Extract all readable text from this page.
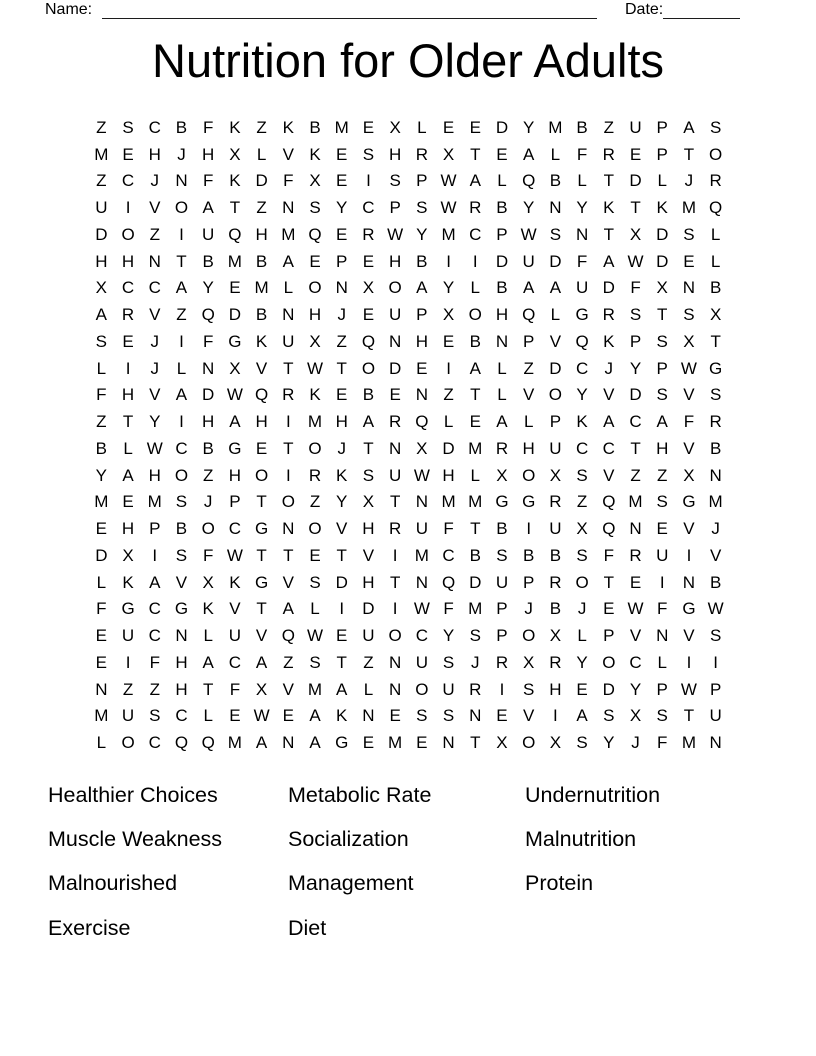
Name:	Date:
Nutrition for Older Adults
Z S C B F K Z K B M E X L E E D Y M B Z U P A S
M E H J H X L V K E S H R X T E A L F R E P T O
Z C J N F K D F X E	I	S P W A L Q B L T D L	J R
U	I	V O A T Z N S Y C P S W R B Y N Y K T K M Q
D O Z	I	U Q H M Q E R W Y M C P W S N T X D S L
H H N T B M B A E P E H B	I	I	D U D F A W D E L
X C C A Y E M L O N X O A Y L B A A U D F X N B
A R V Z Q D B N H J E U P X O H Q L G R S T S X
S E J	I	F G K U X Z Q N H E B N P V Q K P S X T
L	I	J	L N X V T W T O D E	I	A L Z D C J Y P W G
F H V A D W Q R K E B E N Z T L V O Y V D S V S
Z T Y	I	H A H	I	M H A R Q L E A L P K A C A F R
B L W C B G E T O J	T N X D M R H U C C T H V B
Y A H O Z H O	I	R K S U W H L X O X S V Z Z X N
M E M S J P T O Z Y X T N M M G G R Z Q M S G M
E H P B O C G N O V H R U F T B	I	U X Q N E V J
D X	I	S F W T T E T V	I	M C B S B B S F R U	I	V
L K A V X K G V S D H T N Q D U P R O T E	I	N B
F G C G K V T A L	I	D	I W F M P J B J E W F G W
E U C N L U V Q W E U O C Y S P O X L P V N V S
E	I	F H A C A Z S T Z N U S J R X R Y O C L	I	I
N Z Z H T F X V M A L N O U R	I	S H E D Y P W P
M U S C L E W E A K N E S S N E V	I	A S X S T U
L O C Q Q M A N A G E M E N T X O X S Y J	F M N
Healthier Choices
Muscle Weakness
Malnourished
Exercise
Metabolic Rate
Socialization
Management
Diet
Undernutrition
Malnutrition
Protein
